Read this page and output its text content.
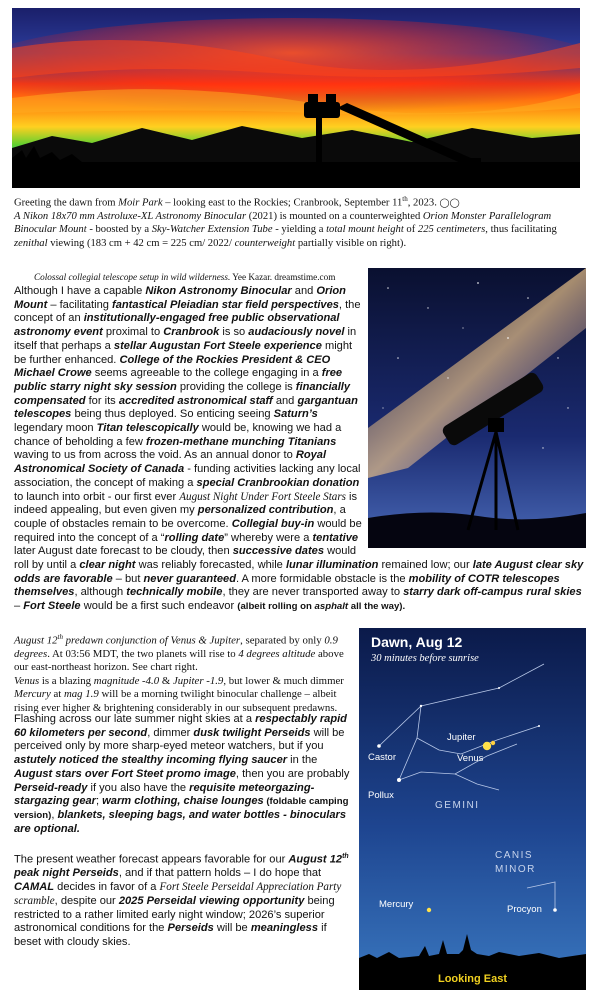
Greeting the dawn from Moir Park – looking east to the Rockies; Cranbrook, September 11th, 2023. ◯◯
A Nikon 18x70 mm Astroluxe-XL Astronomy Binocular (2021) is mounted on a counterweighted Orion Monster Parallelogram Binocular Mount - boosted by a Sky-Watcher Extension Tube - yielding a total mount height of 225 centimeters, thus facilitating zenithal viewing (183 cm + 42 cm = 225 cm/ 2022/ counterweight partially visible on right).
Colossal collegial telescope setup in wild wilderness. Yee Kazar. dreamstime.com
Although I have a capable Nikon Astronomy Binocular and Orion Mount – facilitating fantastical Pleiadian star field perspectives, the concept of an institutionally-engaged free public observational astronomy event proximal to Cranbrook is so audaciously novel in itself that perhaps a stellar Augustan Fort Steele experience might be further enhanced. College of the Rockies President & CEO Michael Crowe seems agreeable to the college engaging in a free public starry night sky session providing the college is financially compensated for its accredited astronomical staff and gargantuan telescopes being thus deployed. So enticing seeing Saturn’s legendary moon Titan telescopically would be, knowing we had a chance of beholding a few frozen-methane munching Titanians waving to us from across the void. As an annual donor to Royal Astronomical Society of Canada - funding activities lacking any local association, the concept of making a special Cranbrookian donation to launch into orbit - our first ever August Night Under Fort Steele Stars is indeed appealing, but even given my personalized contribution, a couple of obstacles remain to be overcome. Collegial buy-in would be required into the concept of a “rolling date” whereby were a tentative later August date forecast to be cloudy, then successive dates would roll by until a clear night was reliably forecasted, while lunar illumination remained low; our late August clear sky odds are favorable – but never guaranteed. A more formidable obstacle is the mobility of COTR telescopes themselves, although technically mobile, they are never transported away to starry dark off-campus rural skies – Fort Steele would be a first such endeavor (albeit rolling on asphalt all the way).
August 12th predawn conjunction of Venus & Jupiter, separated by only 0.9 degrees. At 03:56 MDT, the two planets will rise to 4 degrees altitude above our east-northeast horizon. See chart right.
Venus is a blazing magnitude -4.0 & Jupiter -1.9, but lower & much dimmer Mercury at mag 1.9 will be a morning twilight binocular challenge – albeit rising ever higher & brightening considerably in our subsequent predawns.
Flashing across our late summer night skies at a respectably rapid 60 kilometers per second, dimmer dusk twilight Perseids will be perceived only by more sharp-eyed meteor watchers, but if you astutely noticed the stealthy incoming flying saucer in the August stars over Fort Steet promo image, then you are probably Perseid-ready if you also have the requisite meteorgazing-stargazing gear; warm clothing, chaise lounges (foldable camping version), blankets, sleeping bags, and water bottles - binoculars are optional.
The present weather forecast appears favorable for our August 12th peak night Perseids, and if that pattern holds – I do hope that CAMAL decides in favor of a Fort Steele Perseidal Appreciation Party scramble, despite our 2025 Perseidal viewing opportunity being restricted to a rather limited early night window; 2026’s superior astronomical conditions for the Perseids will be meaningless if beset with cloudy skies.
Dawn, Aug 12
30 minutes before sunrise
Castor
Pollux
Jupiter
Venus
GEMINI
CANIS
MINOR
Procyon
Mercury
Looking East
